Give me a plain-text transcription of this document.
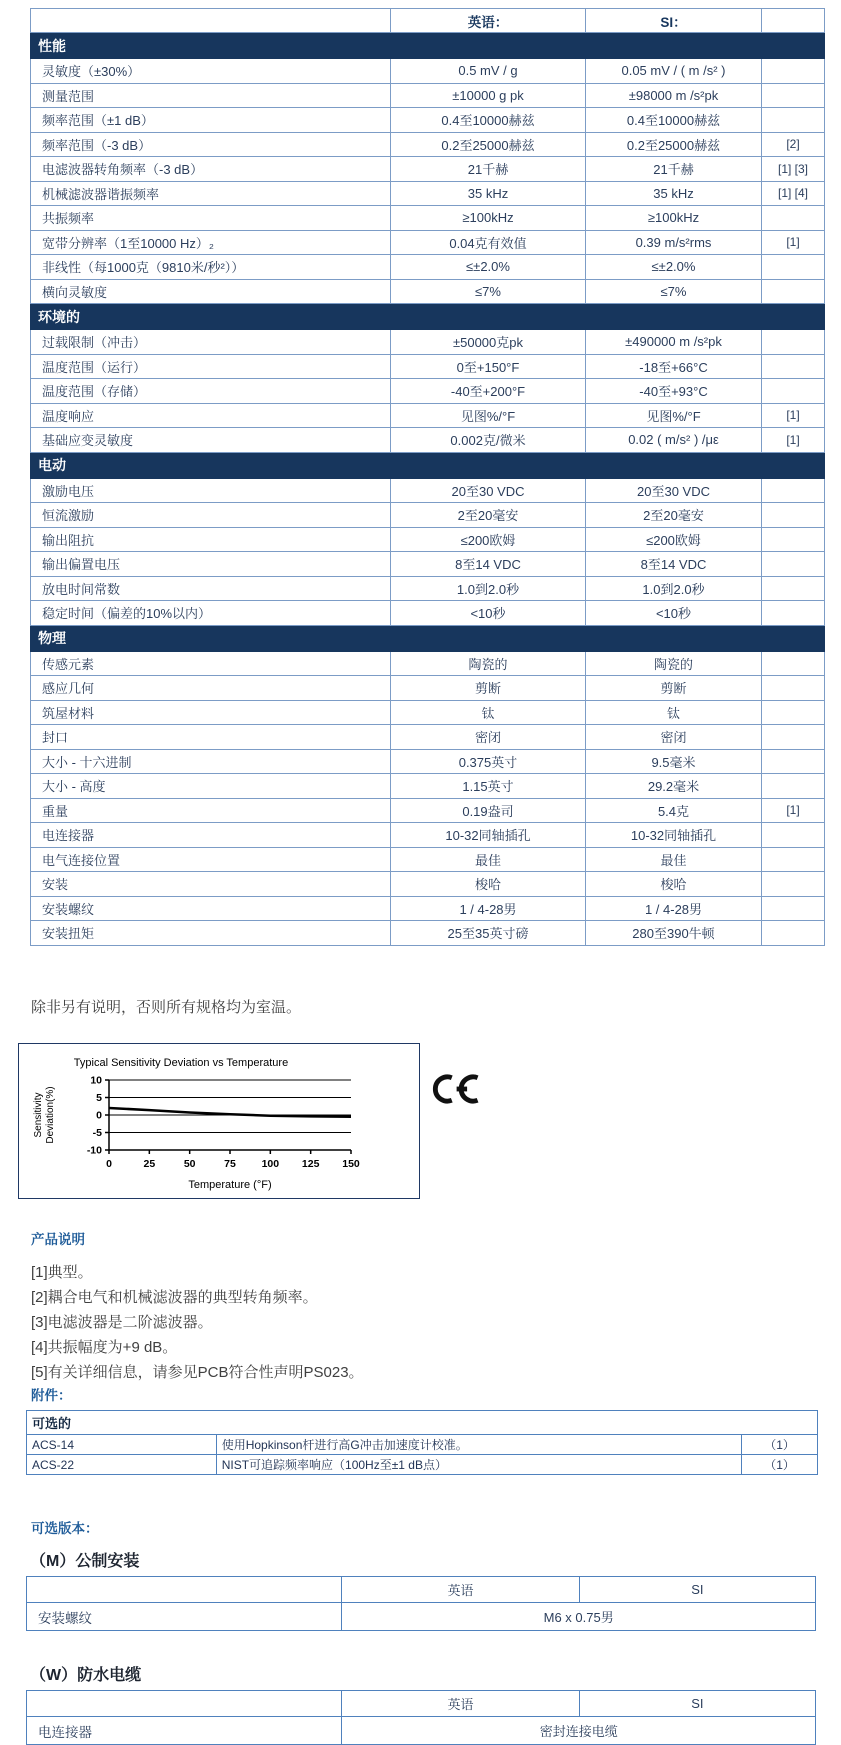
	英语：	SI：	
性能			
灵敏度（±30%）	0.5 mV / g	0.05 mV / ( m /s² )	
测量范围	±10000 g pk	±98000 m /s²pk	
频率范围（±1 dB）	0.4至10000赫兹	0.4至10000赫兹	
频率范围（-3 dB）	0.2至25000赫兹	0.2至25000赫兹	[2]
电滤波器转角频率（-3 dB）	21千赫	21千赫	[1] [3]
机械滤波器谐振频率	35 kHz	35 kHz	[1] [4]
共振频率	≥100kHz	≥100kHz	
宽带分辨率（1至10000 Hz）₂	0.04克有效值	0.39 m/s²rms	[1]
非线性（每1000克（9810米/秒²））	≤±2.0%	≤±2.0%	
横向灵敏度	≤7%	≤7%	
环境的			
过载限制（冲击）	±50000克pk	±490000 m /s²pk	
温度范围（运行）	0至+150°F	-18至+66°C	
温度范围（存储）	-40至+200°F	-40至+93°C	
温度响应	见图%/°F	见图%/°F	[1]
基础应变灵敏度	0.002克/微米	0.02 ( m/s² ) /με	[1]
电动			
激励电压	20至30 VDC	20至30 VDC	
恒流激励	2至20毫安	2至20毫安	
输出阻抗	≤200欧姆	≤200欧姆	
输出偏置电压	8至14 VDC	8至14 VDC	
放电时间常数	1.0到2.0秒	1.0到2.0秒	
稳定时间（偏差的10%以内）	<10秒	<10秒	
物理			
传感元素	陶瓷的	陶瓷的	
感应几何	剪断	剪断	
筑屋材料	钛	钛	
封口	密闭	密闭	
大小 - 十六进制	0.375英寸	9.5毫米	
大小 - 高度	1.15英寸	29.2毫米	
重量	0.19盎司	5.4克	[1]
电连接器	10-32同轴插孔	10-32同轴插孔	
电气连接位置	最佳	最佳	
安装	梭哈	梭哈	
安装螺纹	1 / 4-28男	1 / 4-28男	
安装扭矩	25至35英寸磅	280至390牛顿	
除非另有说明，否则所有规格均为室温。
Typical Sensitivity Deviation vs Temperature
Sensitivity Deviation(%)
10
5
0
-5
-10
0	25	50	75 100 125 150
Temperature (°F)
产品说明
[1]典型。
[2]耦合电气和机械滤波器的典型转角频率。
[3]电滤波器是二阶滤波器。
[4]共振幅度为+9 dB。
[5]有关详细信息，请参见PCB符合性声明PS023。
附件：
可选的		
ACS-14	使用Hopkinson杆进行高G冲击加速度计校准。	（1）
ACS-22	NIST可追踪频率响应（100Hz至±1 dB点）	（1）
可选版本：
（M）公制安装
	英语	SI
安装螺纹	M6 x 0.75男	
（W）防水电缆
	英语	SI
电连接器	密封连接电缆	
